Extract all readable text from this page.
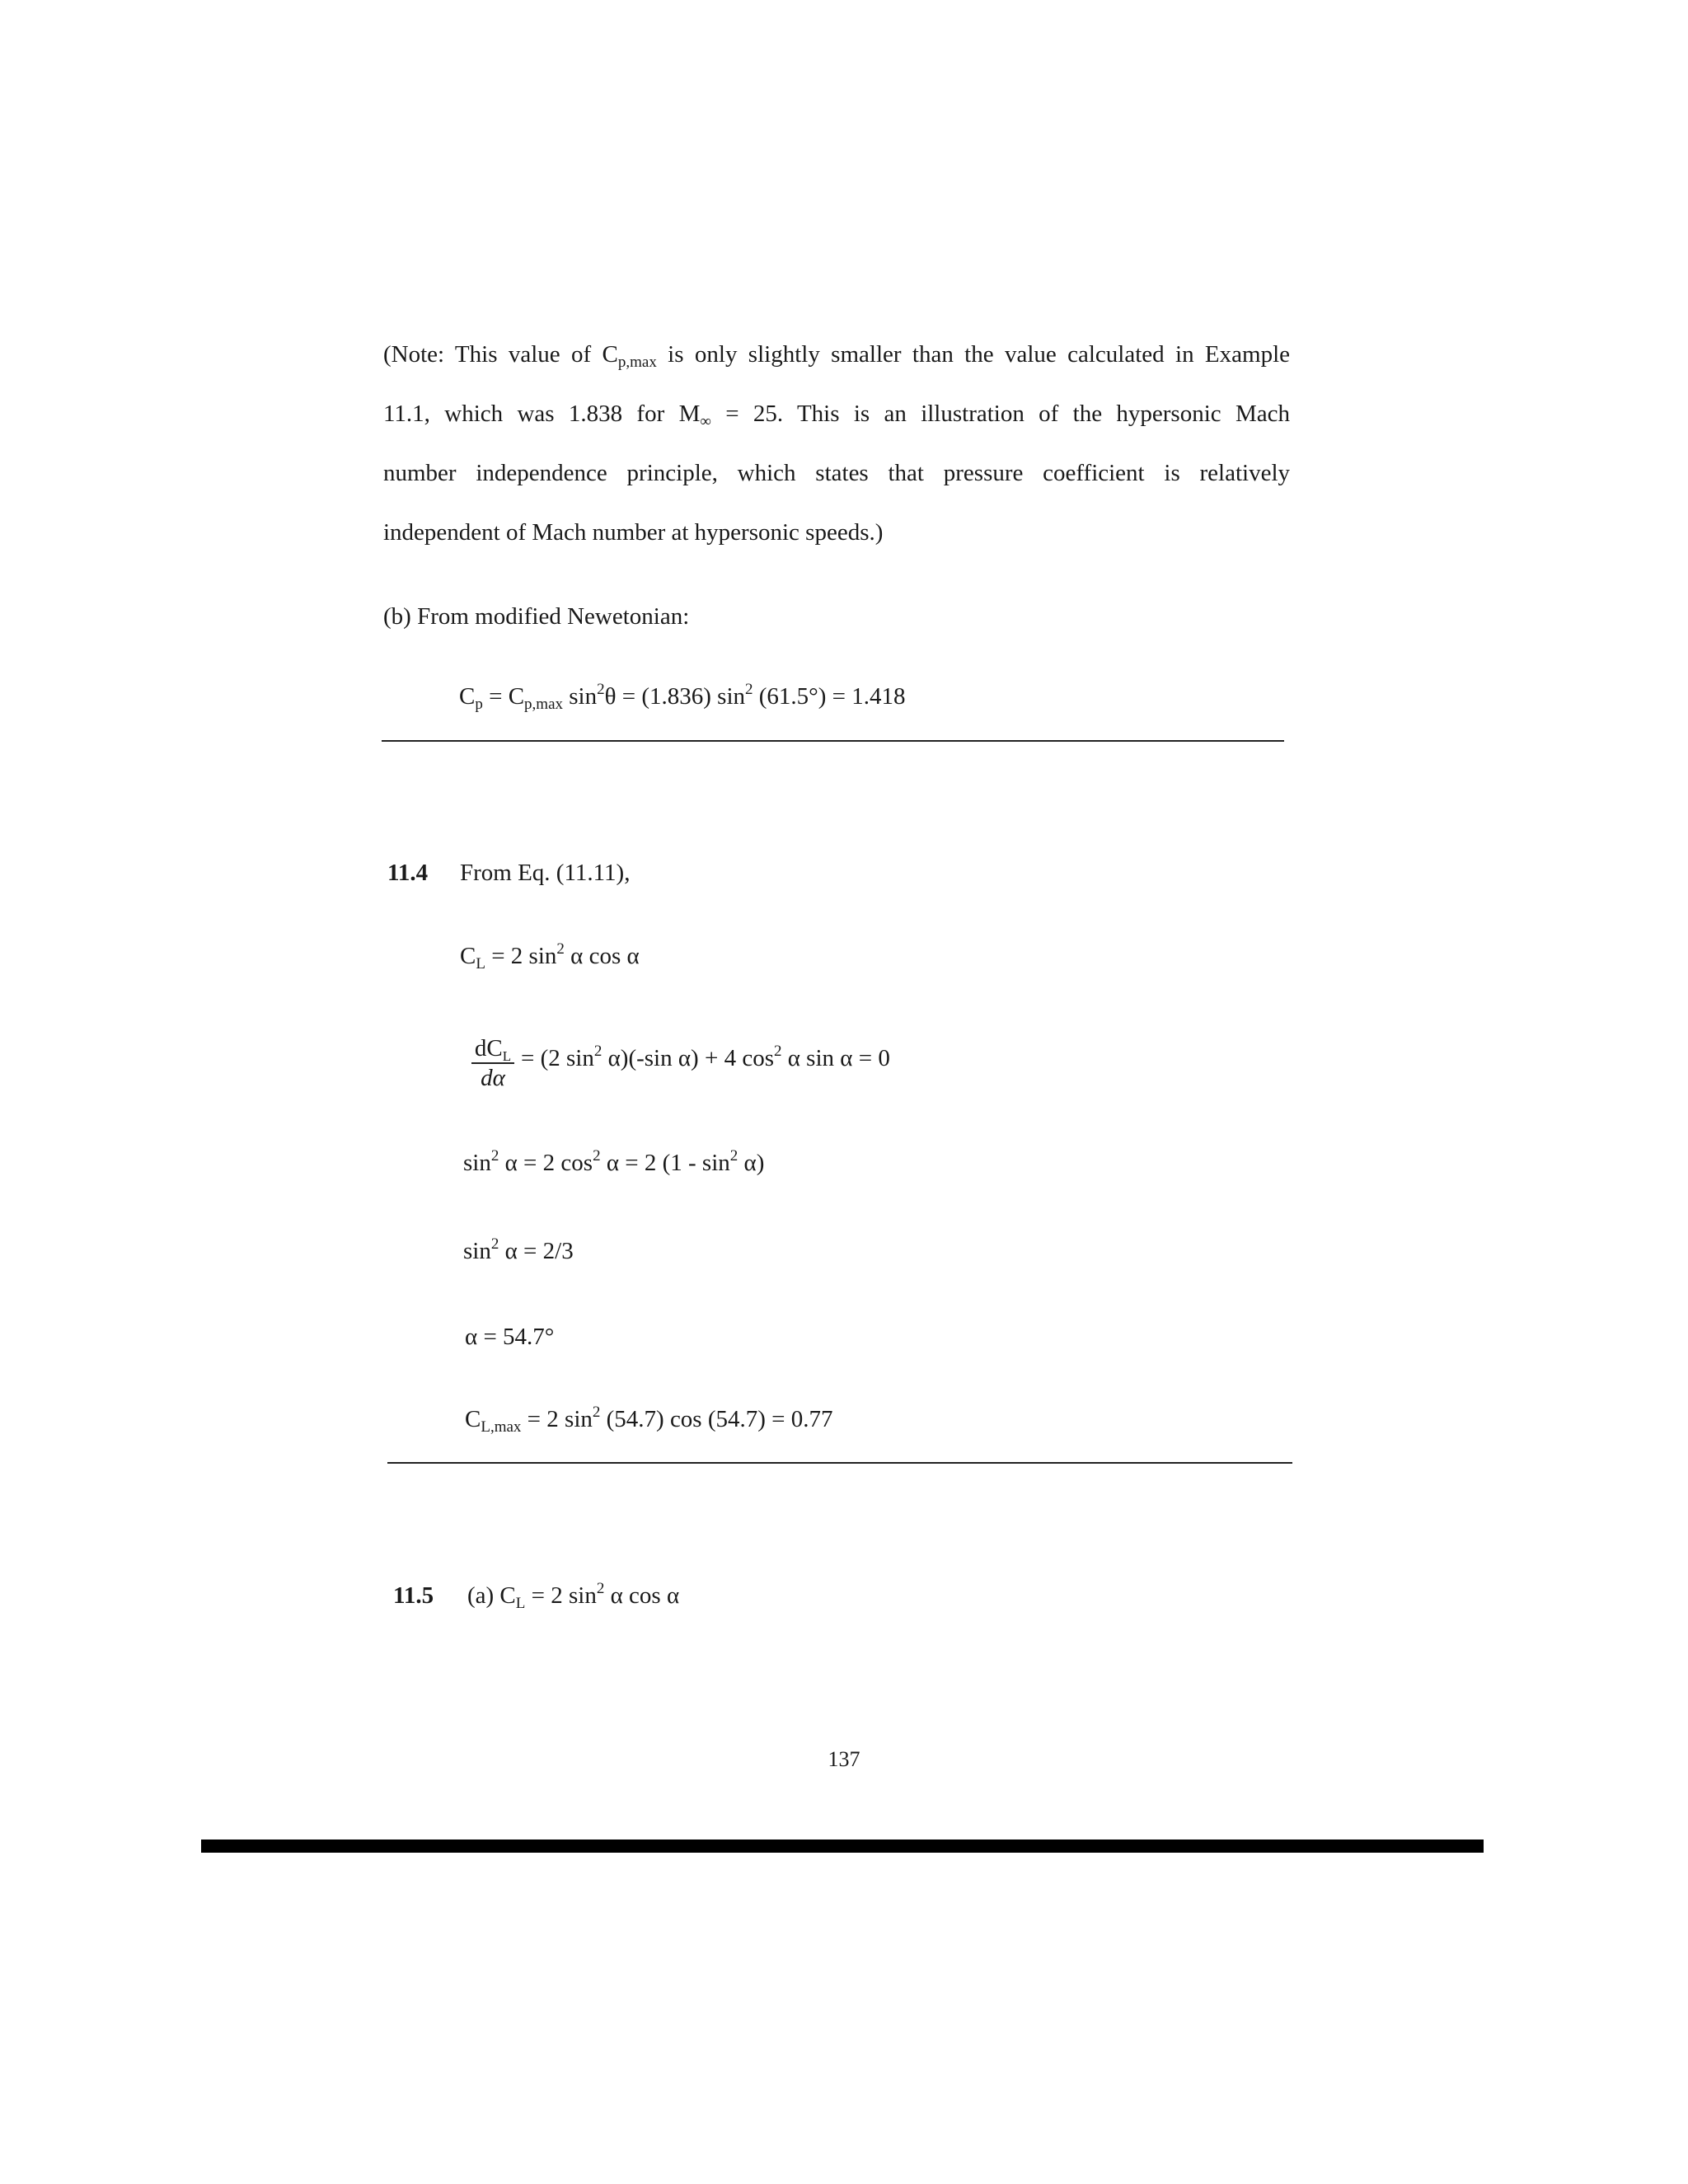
(Note: This value of $C_{p,max}$ is only slightly smaller than the value calculated in Example
11.1, which was 1.838 for $M_\infty = 25$. This is an illustration of the hypersonic Mach
number independence principle, which states that pressure coefficient is relatively
independent of Mach number at hypersonic speeds.)
(b) From modified Newetonian:
$C_p = C_{p,max}$ $\sin^2\theta = (1.836)$ $\sin^2 (61.5^\circ) = 1.418$
11.4 From Eq. (11.11),
$C_L = 2$ $\sin^2 \alpha$ cos α
$dC_L$
dα
= (2 $\sin^2 \alpha)(-\sin$ α) + 4 $\cos^2 \alpha$ sin α = 0
$\sin^2 \alpha = 2$ $\cos^2 \alpha = 2$ $(1 - \sin^2 \alpha)$
$\sin^2 \alpha = 2/3$
α = 54.7°
$C_{L,max} = 2$ $\sin^2 (54.7)$ cos (54.7) = 0.77
11.5 (a) $C_L = 2$ $\sin^2 \alpha$ cos α
137
